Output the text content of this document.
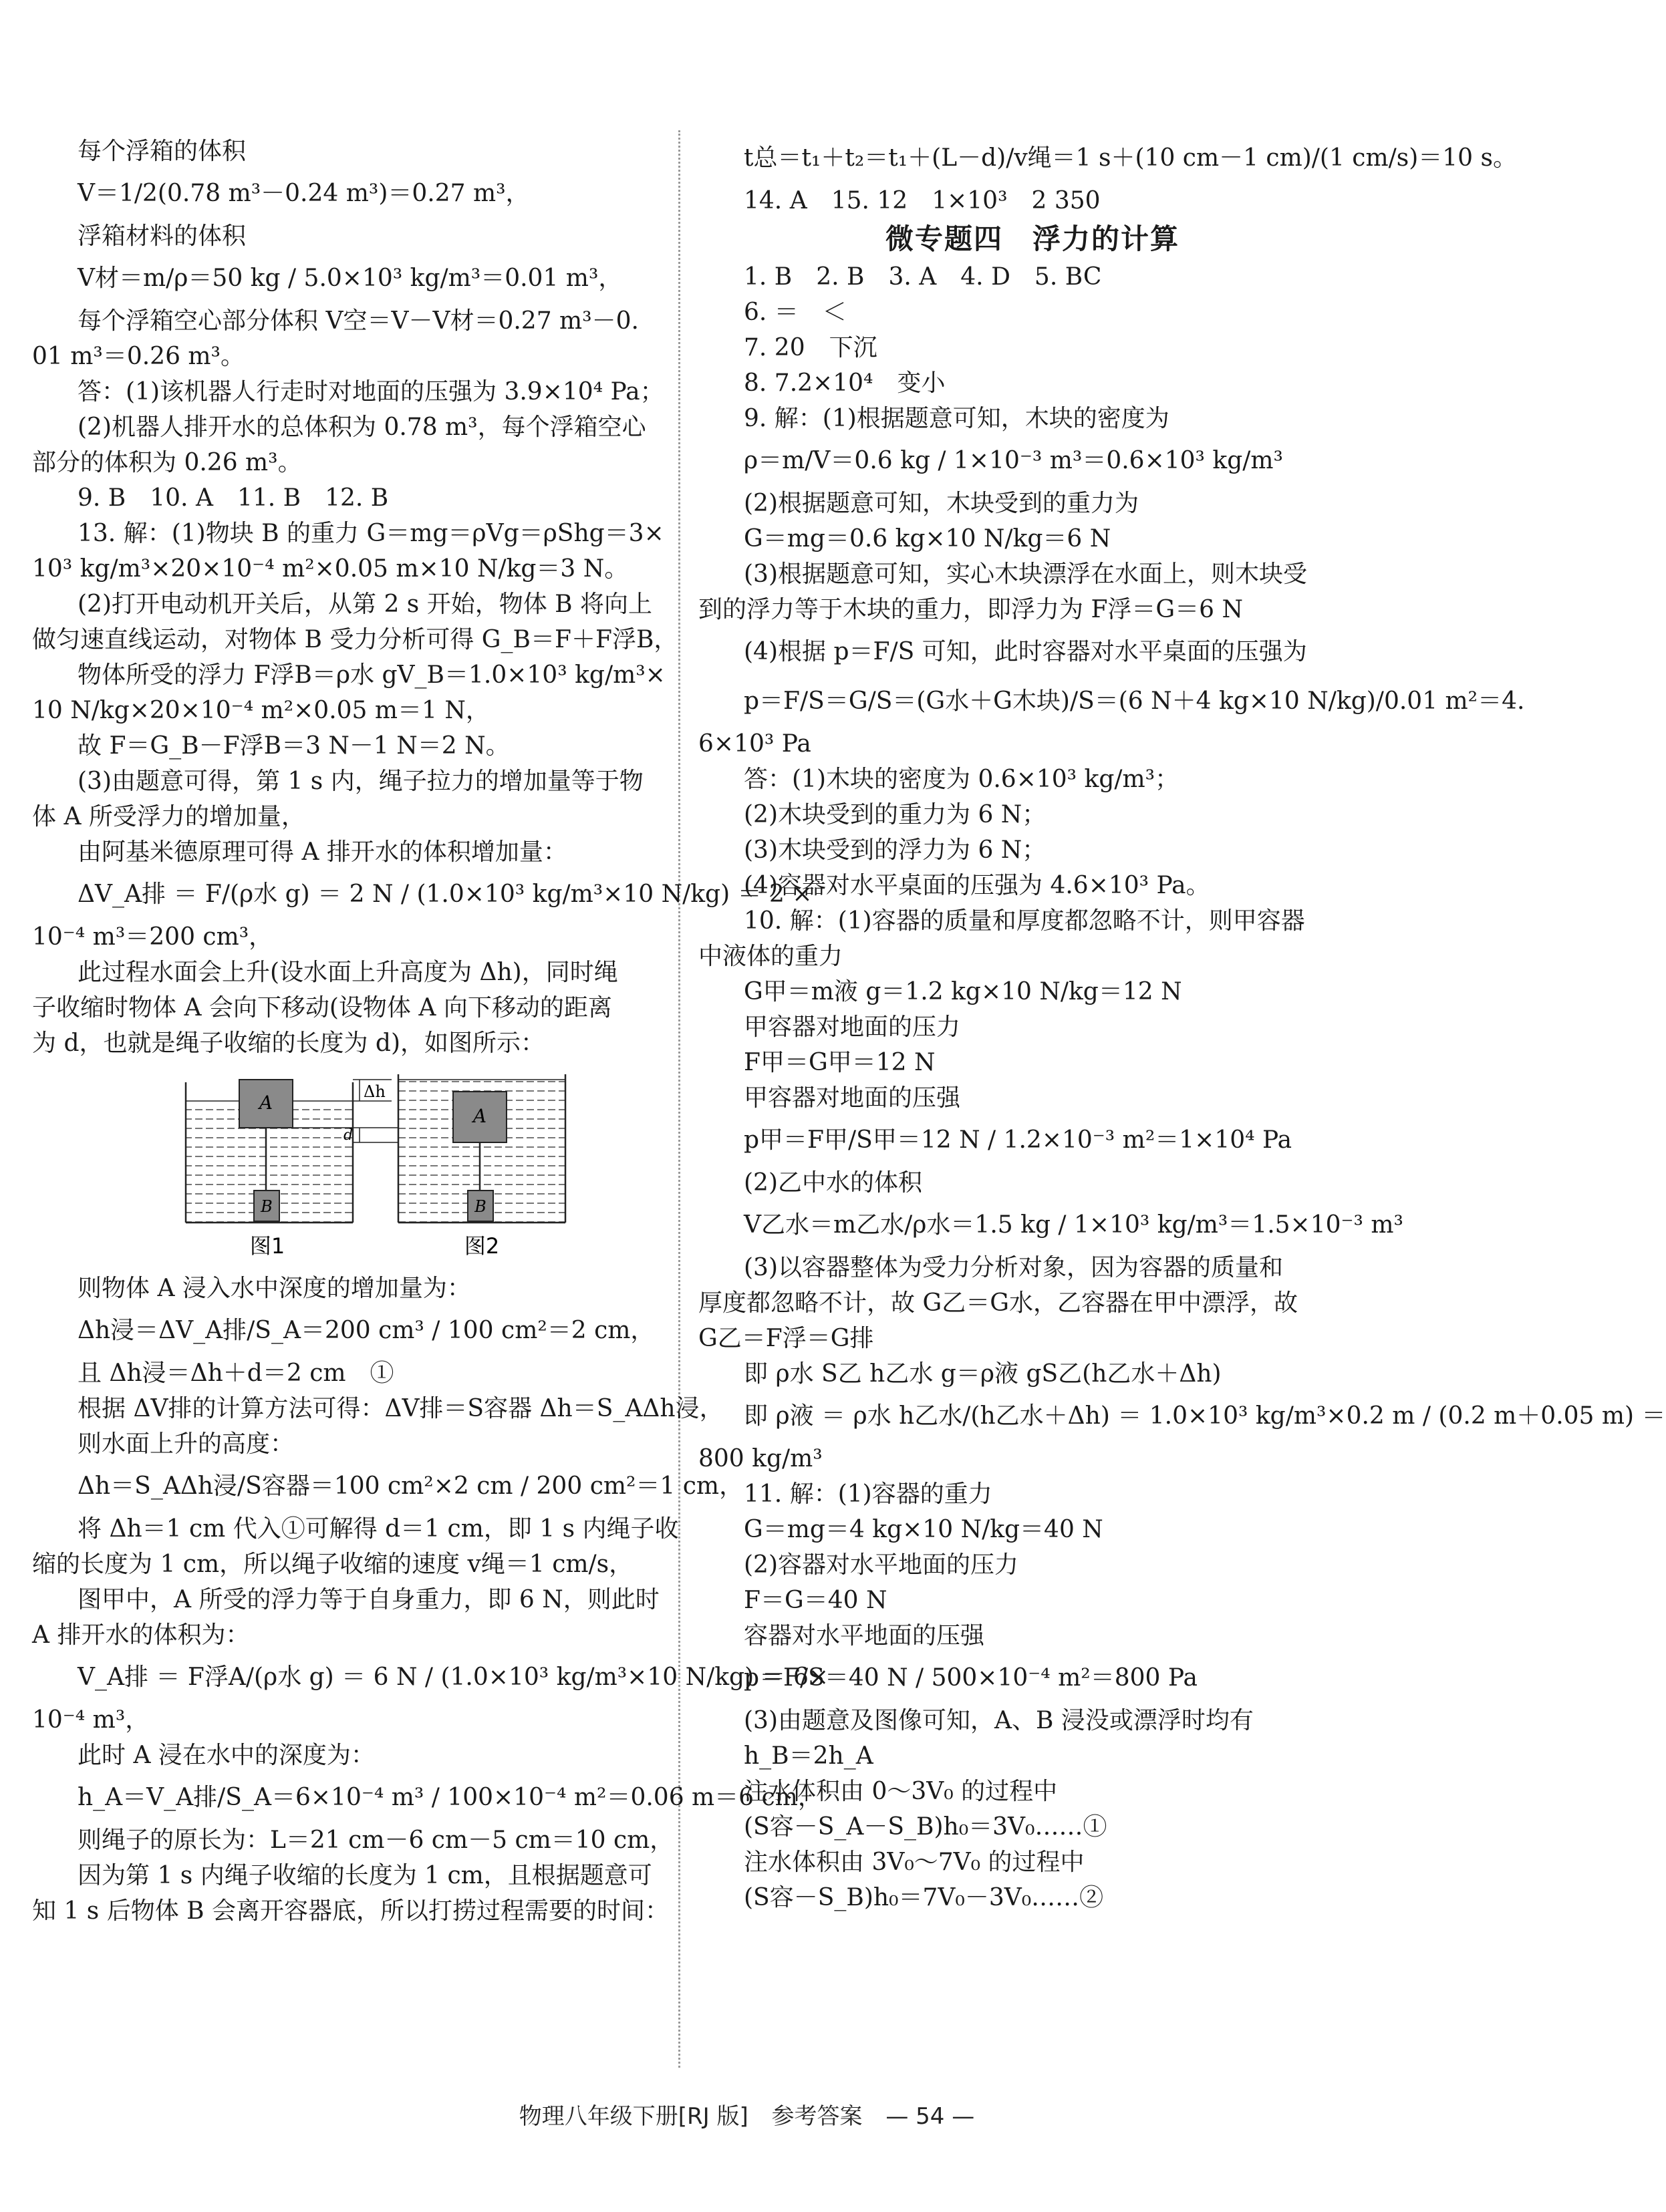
每个浮箱的体积

V＝1/2(0.78 m³－0.24 m³)＝0.27 m³，

浮箱材料的体积

V材＝m/ρ＝50 kg / 5.0×10³ kg/m³＝0.01 m³，

每个浮箱空心部分体积 V空＝V－V材＝0.27 m³－0.

01 m³＝0.26 m³。

答：(1)该机器人行走时对地面的压强为 3.9×10⁴ Pa；

(2)机器人排开水的总体积为 0.78 m³，每个浮箱空心

部分的体积为 0.26 m³。

9. B　10. A　11. B　12. B

13. 解：(1)物块 B 的重力 G＝mg＝ρVg＝ρShg＝3×

10³ kg/m³×20×10⁻⁴ m²×0.05 m×10 N/kg＝3 N。

(2)打开电动机开关后，从第 2 s 开始，物体 B 将向上

做匀速直线运动，对物体 B 受力分析可得 G_B＝F＋F浮B，

物体所受的浮力 F浮B＝ρ水 gV_B＝1.0×10³ kg/m³×

10 N/kg×20×10⁻⁴ m²×0.05 m＝1 N，

故 F＝G_B－F浮B＝3 N－1 N＝2 N。

(3)由题意可得，第 1 s 内，绳子拉力的增加量等于物

体 A 所受浮力的增加量，

由阿基米德原理可得 A 排开水的体积增加量：

ΔV_A排 ＝ F/(ρ水 g) ＝ 2 N / (1.0×10³ kg/m³×10 N/kg) ＝ 2 ×

10⁻⁴ m³＝200 cm³，

此过程水面会上升(设水面上升高度为 Δh)，同时绳

子收缩时物体 A 会向下移动(设物体 A 向下移动的距离

为 d，也就是绳子收缩的长度为 d)，如图所示：

A
B
Δh
d
A
B
图1	图2

则物体 A 浸入水中深度的增加量为：

Δh浸＝ΔV_A排/S_A＝200 cm³ / 100 cm²＝2 cm，

且 Δh浸＝Δh＋d＝2 cm　①

根据 ΔV排的计算方法可得：ΔV排＝S容器 Δh＝S_AΔh浸，

则水面上升的高度：

Δh＝S_AΔh浸/S容器＝100 cm²×2 cm / 200 cm²＝1 cm，

将 Δh＝1 cm 代入①可解得 d＝1 cm，即 1 s 内绳子收

缩的长度为 1 cm，所以绳子收缩的速度 v绳＝1 cm/s，

图甲中，A 所受的浮力等于自身重力，即 6 N，则此时

A 排开水的体积为：

V_A排 ＝ F浮A/(ρ水 g) ＝ 6 N / (1.0×10³ kg/m³×10 N/kg) ＝ 6×

10⁻⁴ m³，

此时 A 浸在水中的深度为：

h_A＝V_A排/S_A＝6×10⁻⁴ m³ / 100×10⁻⁴ m²＝0.06 m＝6 cm，

则绳子的原长为：L＝21 cm－6 cm－5 cm＝10 cm，

因为第 1 s 内绳子收缩的长度为 1 cm，且根据题意可

知 1 s 后物体 B 会离开容器底，所以打捞过程需要的时间：

t总＝t₁＋t₂＝t₁＋(L－d)/v绳＝1 s＋(10 cm－1 cm)/(1 cm/s)＝10 s。

14. A　15. 12　1×10³　2 350

微专题四　浮力的计算

1. B　2. B　3. A　4. D　5. BC

6. ＝　＜

7. 20　下沉

8. 7.2×10⁴　变小

9. 解：(1)根据题意可知，木块的密度为

ρ＝m/V＝0.6 kg / 1×10⁻³ m³＝0.6×10³ kg/m³

(2)根据题意可知，木块受到的重力为

G＝mg＝0.6 kg×10 N/kg＝6 N

(3)根据题意可知，实心木块漂浮在水面上，则木块受

到的浮力等于木块的重力，即浮力为 F浮＝G＝6 N

(4)根据 p＝F/S 可知，此时容器对水平桌面的压强为

p＝F/S＝G/S＝(G水＋G木块)/S＝(6 N＋4 kg×10 N/kg)/0.01 m²＝4.

6×10³ Pa

答：(1)木块的密度为 0.6×10³ kg/m³；

(2)木块受到的重力为 6 N；

(3)木块受到的浮力为 6 N；

(4)容器对水平桌面的压强为 4.6×10³ Pa。

10. 解：(1)容器的质量和厚度都忽略不计，则甲容器

中液体的重力

G甲＝m液 g＝1.2 kg×10 N/kg＝12 N

甲容器对地面的压力

F甲＝G甲＝12 N

甲容器对地面的压强

p甲＝F甲/S甲＝12 N / 1.2×10⁻³ m²＝1×10⁴ Pa

(2)乙中水的体积

V乙水＝m乙水/ρ水＝1.5 kg / 1×10³ kg/m³＝1.5×10⁻³ m³

(3)以容器整体为受力分析对象，因为容器的质量和

厚度都忽略不计，故 G乙＝G水，乙容器在甲中漂浮，故

G乙＝F浮＝G排

即 ρ水 S乙 h乙水 g＝ρ液 gS乙(h乙水＋Δh)

即 ρ液 ＝ ρ水 h乙水/(h乙水＋Δh) ＝ 1.0×10³ kg/m³×0.2 m / (0.2 m＋0.05 m) ＝

800 kg/m³

11. 解：(1)容器的重力

G＝mg＝4 kg×10 N/kg＝40 N

(2)容器对水平地面的压力

F＝G＝40 N

容器对水平地面的压强

p＝F/S＝40 N / 500×10⁻⁴ m²＝800 Pa

(3)由题意及图像可知，A、B 浸没或漂浮时均有

h_B＝2h_A

注水体积由 0～3V₀ 的过程中

(S容－S_A－S_B)h₀＝3V₀……①

注水体积由 3V₀～7V₀ 的过程中

(S容－S_B)h₀＝7V₀－3V₀……②

物理八年级下册[RJ 版] 参考答案 — 54 —
